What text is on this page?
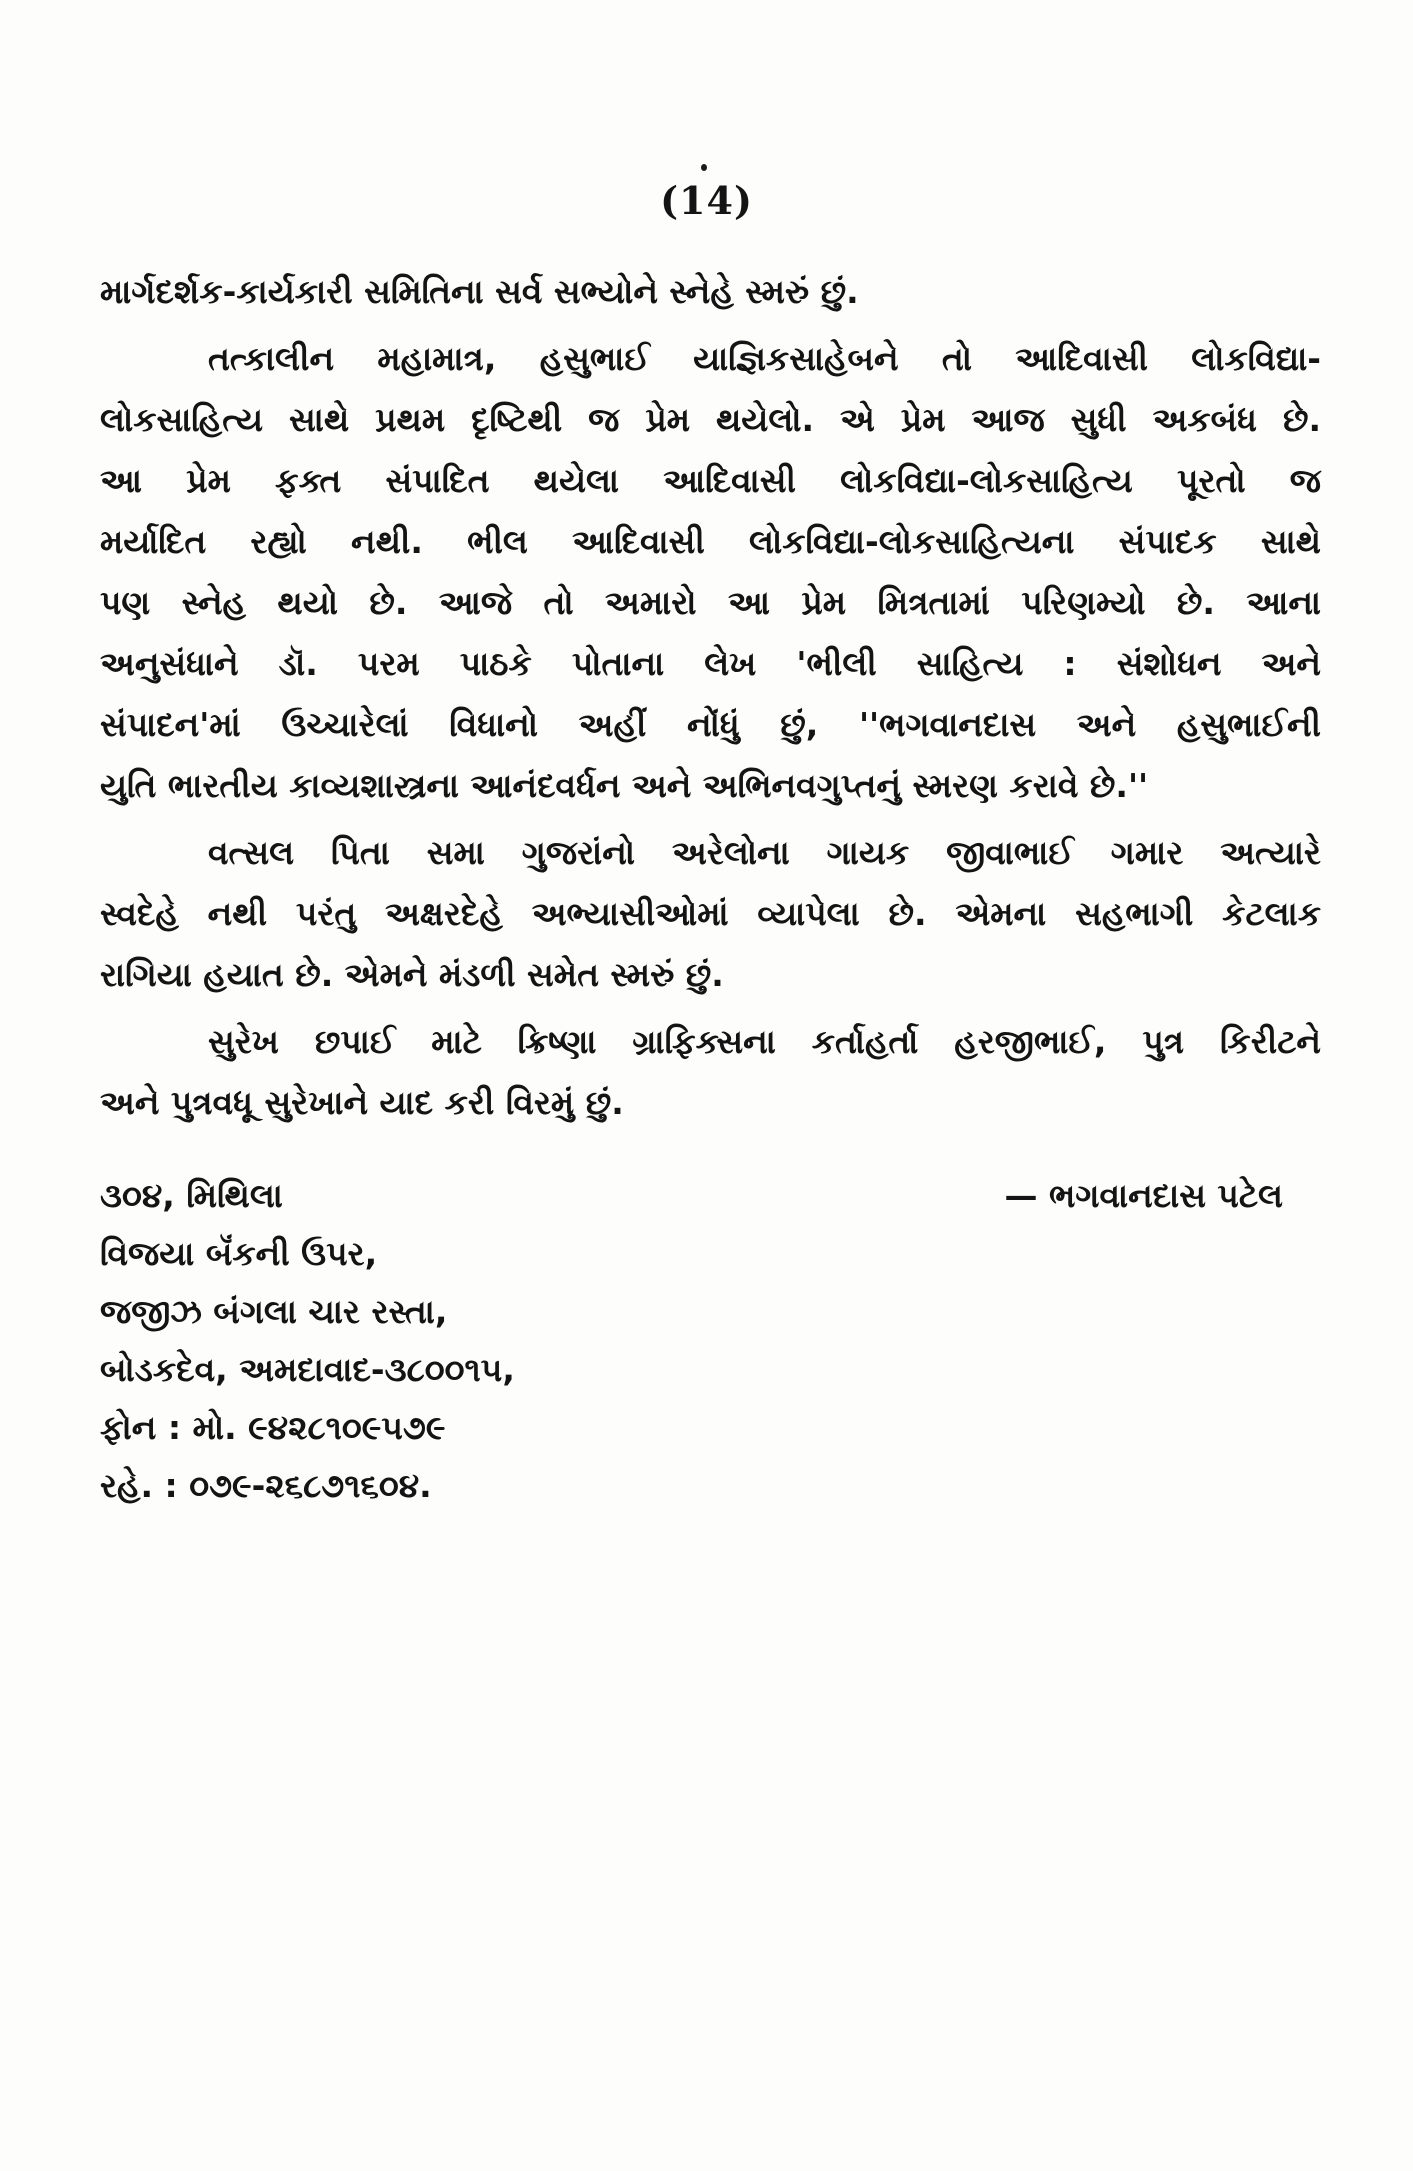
(14)
માર્ગદર્શક-કાર્યકારી સમિતિના સર્વ સભ્યોને સ્નેહે સ્મરું છું.
તત્કાલીન મહામાત્ર, હસુભાઈ યાજ્ઞિકસાહેબને તો આદિવાસી લોકવિદ્યા-
લોકસાહિત્ય સાથે પ્રથમ દૃષ્ટિથી જ પ્રેમ થયેલો. એ પ્રેમ આજ સુધી અકબંધ છે.
આ પ્રેમ ફક્ત સંપાદિત થયેલા આદિવાસી લોકવિદ્યા-લોકસાહિત્ય પૂરતો જ
મર્યાદિત રહ્યો નથી. ભીલ આદિવાસી લોકવિદ્યા-લોકસાહિત્યના સંપાદક સાથે
પણ સ્નેહ થયો છે. આજે તો અમારો આ પ્રેમ મિત્રતામાં પરિણમ્યો છે. આના
અનુસંધાને ડૉ. પરમ પાઠકે પોતાના લેખ 'ભીલી સાહિત્ય : સંશોધન અને
સંપાદન'માં ઉચ્ચારેલાં વિધાનો અહીં નોંધું છું, ''ભગવાનદાસ અને હસુભાઈની
યુતિ ભારતીય કાવ્યશાસ્ત્રના આનંદવર્ધન અને અભિનવગુપ્તનું સ્મરણ કરાવે છે.''
વત્સલ પિતા સમા ગુજરાંનો અરેલોના ગાયક જીવાભાઈ ગમાર અત્યારે
સ્વદેહે નથી પરંતુ અક્ષરદેહે અભ્યાસીઓમાં વ્યાપેલા છે. એમના સહભાગી કેટલાક
રાગિયા હયાત છે. એમને મંડળી સમેત સ્મરું છું.
સુરેખ છપાઈ માટે ક્રિષ્ણા ગ્રાફિક્સના કર્તાહર્તા હરજીભાઈ, પુત્ર કિરીટને
અને પુત્રવધૂ સુરેખાને યાદ કરી વિરમું છું.
૩૦૪, મિથિલા
વિજયા બૅંકની ઉપર,
જજીઝ બંગલા ચાર રસ્તા,
બોડકદેવ, અમદાવાદ-૩૮૦૦૧૫,
ફોન : મો. ૯૪૨૮૧૦૯૫૭૯
રહે. : ૦૭૯-૨૬૮૭૧૬૦૪.
— ભગવાનદાસ પટેલ
